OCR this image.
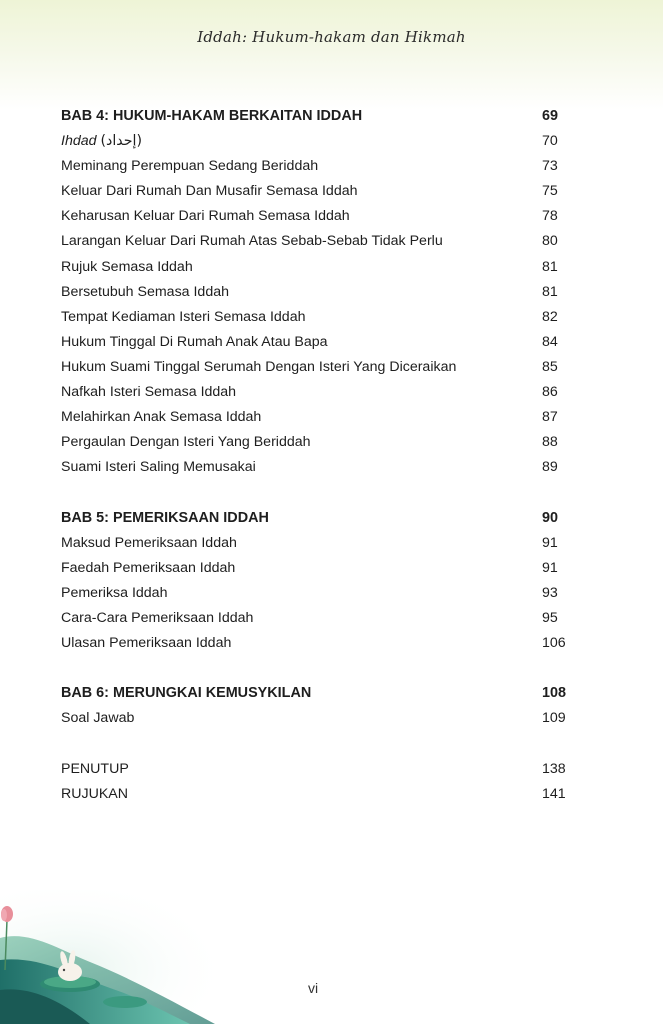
Iddah: Hukum-hakam dan Hikmah
BAB 4: HUKUM-HAKAM BERKAITAN IDDAH	69
Ihdad (إحداد)	70
Meminang Perempuan Sedang Beriddah	73
Keluar Dari Rumah Dan Musafir Semasa Iddah	75
Keharusan Keluar Dari Rumah Semasa Iddah	78
Larangan Keluar Dari Rumah Atas Sebab-Sebab Tidak Perlu	80
Rujuk Semasa Iddah	81
Bersetubuh Semasa Iddah	81
Tempat Kediaman Isteri Semasa Iddah	82
Hukum Tinggal Di Rumah Anak Atau Bapa	84
Hukum Suami Tinggal Serumah Dengan Isteri Yang Diceraikan	85
Nafkah Isteri Semasa Iddah	86
Melahirkan Anak Semasa Iddah	87
Pergaulan Dengan Isteri Yang Beriddah	88
Suami Isteri Saling Memusakai	89
BAB 5: PEMERIKSAAN IDDAH	90
Maksud Pemeriksaan Iddah	91
Faedah Pemeriksaan Iddah	91
Pemeriksa Iddah	93
Cara-Cara Pemeriksaan Iddah	95
Ulasan Pemeriksaan Iddah	106
BAB 6: MERUNGKAI KEMUSYKILAN	108
Soal Jawab	109
PENUTUP	138
RUJUKAN	141
vi
